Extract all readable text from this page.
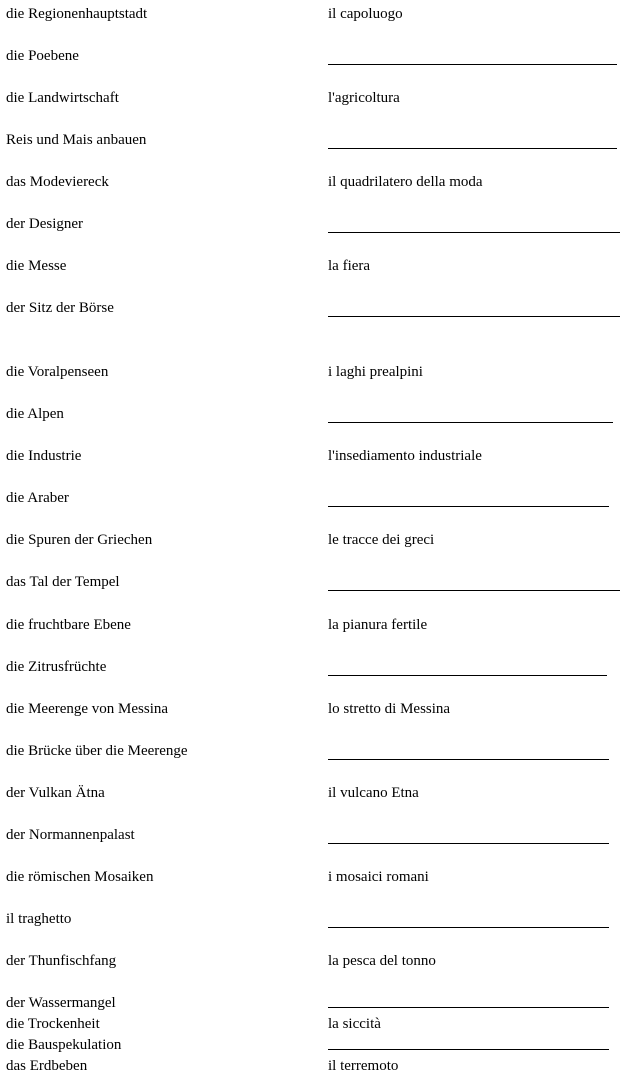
die Regionenhauptstadt
die Poebene
die Landwirtschaft
Reis und Mais anbauen
das Modeviereck
der Designer
die Messe
der Sitz der Börse
die Voralpenseen
die Alpen
die Industrie
die Araber
die Spuren der Griechen
das Tal der Tempel
die fruchtbare Ebene
die Zitrusfrüchte
die Meerenge von Messina
die Brücke über die Meerenge
der Vulkan Ätna
der Normannenpalast
die römischen Mosaiken
il traghetto
der Thunfischfang
der Wassermangel
die Trockenheit
die Bauspekulation
das Erdbeben
il capoluogo
l'agricoltura
il quadrilatero della moda
la fiera
i laghi prealpini
l'insediamento industriale
le tracce dei greci
la pianura fertile
lo stretto di Messina
il vulcano Etna
i mosaici romani
la pesca del tonno
la siccità
il terremoto
